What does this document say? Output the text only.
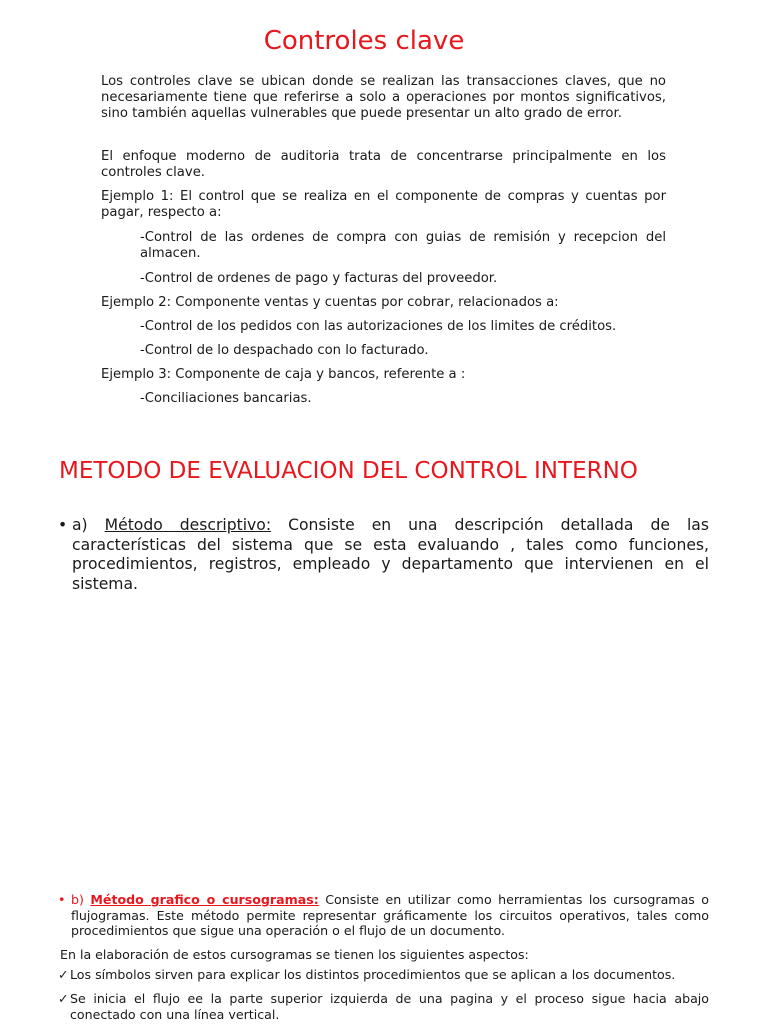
Controles clave
Los controles clave se ubican donde se realizan las transacciones claves, que no necesariamente tiene que referirse a solo a operaciones por montos significativos, sino también aquellas vulnerables que puede presentar un alto grado de error.
El enfoque moderno de auditoria trata de concentrarse principalmente en los controles clave.
Ejemplo 1: El control que se realiza en el componente de compras y cuentas por pagar, respecto a:
-Control de las ordenes de compra con guias de remisión y recepcion del almacen.
-Control de ordenes de pago y facturas del proveedor.
Ejemplo 2: Componente ventas y cuentas por cobrar, relacionados a:
-Control de los pedidos con las autorizaciones de los limites de créditos.
-Control de lo despachado con lo facturado.
Ejemplo 3: Componente de caja y bancos, referente a :
-Conciliaciones bancarias.
METODO DE EVALUACION DEL CONTROL INTERNO
• a) Método descriptivo: Consiste en una descripción detallada de las características del sistema que se esta evaluando , tales como funciones, procedimientos, registros, empleado y departamento que intervienen en el sistema.
• b) Método grafico o cursogramas: Consiste en utilizar como herramientas los cursogramas o flujogramas. Este método permite representar gráficamente los circuitos operativos, tales como procedimientos que sigue una operación o el flujo de un documento.
En la elaboración de estos cursogramas se tienen los siguientes aspectos:
✓ Los símbolos sirven para explicar los distintos procedimientos que se aplican a los documentos.
✓ Se inicia el flujo ee la parte superior izquierda de una pagina y el proceso sigue hacia abajo conectado con una línea vertical.
